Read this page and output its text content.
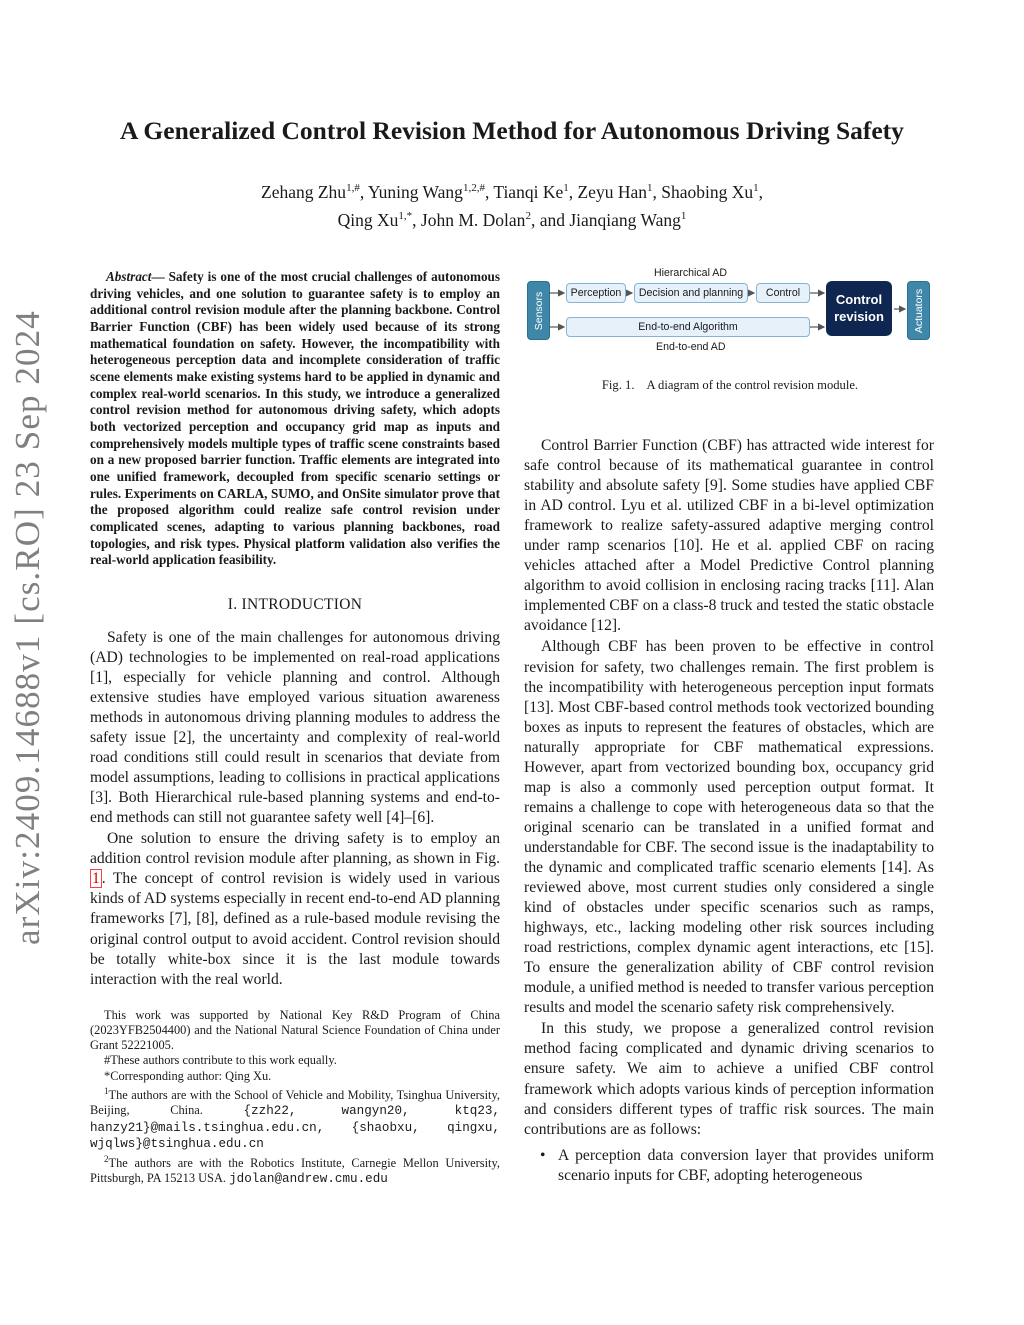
arXiv:2409.14688v1 [cs.RO] 23 Sep 2024
A Generalized Control Revision Method for Autonomous Driving Safety
Zehang Zhu$^{1,\#}$, Yuning Wang$^{1,2,\#}$, Tianqi Ke$^1$, Zeyu Han$^1$, Shaobing Xu$^1$,
Qing $Xu^{1,*}$, John M. Dolan$^2$, and Jianqiang Wang$^1$

Abstract— Safety is one of the most crucial challenges of autonomous driving vehicles, and one solution to guarantee safety is to employ an additional control revision module after the planning backbone. Control Barrier Function (CBF) has been widely used because of its strong mathematical foundation on safety. However, the incompatibility with heterogeneous perception data and incomplete consideration of traffic scene elements make existing systems hard to be applied in dynamic and complex real-world scenarios. In this study, we introduce a generalized control revision method for autonomous driving safety, which adopts both vectorized perception and occupancy grid map as inputs and comprehensively models multiple types of traffic scene constraints based on a new proposed barrier function. Traffic elements are integrated into one unified framework, decoupled from specific scenario settings or rules. Experiments on CARLA, SUMO, and OnSite simulator prove that the proposed algorithm could realize safe control revision under complicated scenes, adapting to various planning backbones, road topologies, and risk types. Physical platform validation also verifies the real-world application feasibility.

I. INTRODUCTION

Safety is one of the main challenges for autonomous driving (AD) technologies to be implemented on real-road applications [1], especially for vehicle planning and control. Although extensive studies have employed various situation awareness methods in autonomous driving planning modules to address the safety issue [2], the uncertainty and complexity of real-world road conditions still could result in scenarios that deviate from model assumptions, leading to collisions in practical applications [3]. Both Hierarchical rule-based planning systems and end-to-end methods can still not guarantee safety well [4]–[6].

One solution to ensure the driving safety is to employ an addition control revision module after planning, as shown in Fig. 1 . The concept of control revision is widely used in various kinds of AD systems especially in recent end-to-end AD planning frameworks [7], [8], defined as a rule-based module revising the original control output to avoid accident. Control revision should be totally white-box since it is the last module towards interaction with the real world.

This work was supported by National Key R&D Program of China (2023YFB2504400) and the National Natural Science Foundation of China under Grant 52221005.

#These authors contribute to this work equally.

*Corresponding author: Qing Xu.

$^1$The authors are with the School of Vehicle and Mobility, Tsinghua University, Beijing, China.	{zzh22, wangyn20, ktq23, hanzy21}@mails.tsinghua.edu.cn, {shaobxu, qingxu, wjqlws}@tsinghua.edu.cn

$^2$The authors are with the Robotics Institute, Carnegie Mellon University, Pittsburgh, PA 15213 USA. jdolan@andrew.cmu.edu

Hierarchical AD
End-to-end AD
Sensors	Actuators
Perception	Decision and planning	Control
End-to-end Algorithm
Control
revision
Fig. 1. A diagram of the control revision module.

Control Barrier Function (CBF) has attracted wide interest for safe control because of its mathematical guarantee in control stability and absolute safety [9]. Some studies have applied CBF in AD control. Lyu et al. utilized CBF in a bi-level optimization framework to realize safety-assured adaptive merging control under ramp scenarios [10]. He et al. applied CBF on racing vehicles attached after a Model Predictive Control planning algorithm to avoid collision in enclosing racing tracks [11]. Alan implemented CBF on a class-8 truck and tested the static obstacle avoidance [12].

Although CBF has been proven to be effective in control revision for safety, two challenges remain. The first problem is the incompatibility with heterogeneous perception input formats [13]. Most CBF-based control methods took vectorized bounding boxes as inputs to represent the features of obstacles, which are naturally appropriate for CBF mathematical expressions. However, apart from vectorized bounding box, occupancy grid map is also a commonly used perception output format. It remains a challenge to cope with heterogeneous data so that the original scenario can be translated in a unified format and understandable for CBF. The second issue is the inadaptability to the dynamic and complicated traffic scenario elements [14]. As reviewed above, most current studies only considered a single kind of obstacles under specific scenarios such as ramps, highways, etc., lacking modeling other risk sources including road restrictions, complex dynamic agent interactions, etc [15]. To ensure the generalization ability of CBF control revision module, a unified method is needed to transfer various perception results and model the scenario safety risk comprehensively.

In this study, we propose a generalized control revision method facing complicated and dynamic driving scenarios to ensure safety. We aim to achieve a unified CBF control framework which adopts various kinds of perception information and considers different types of traffic risk sources. The main contributions are as follows:

• A perception data conversion layer that provides uniform scenario inputs for CBF, adopting heterogeneous
